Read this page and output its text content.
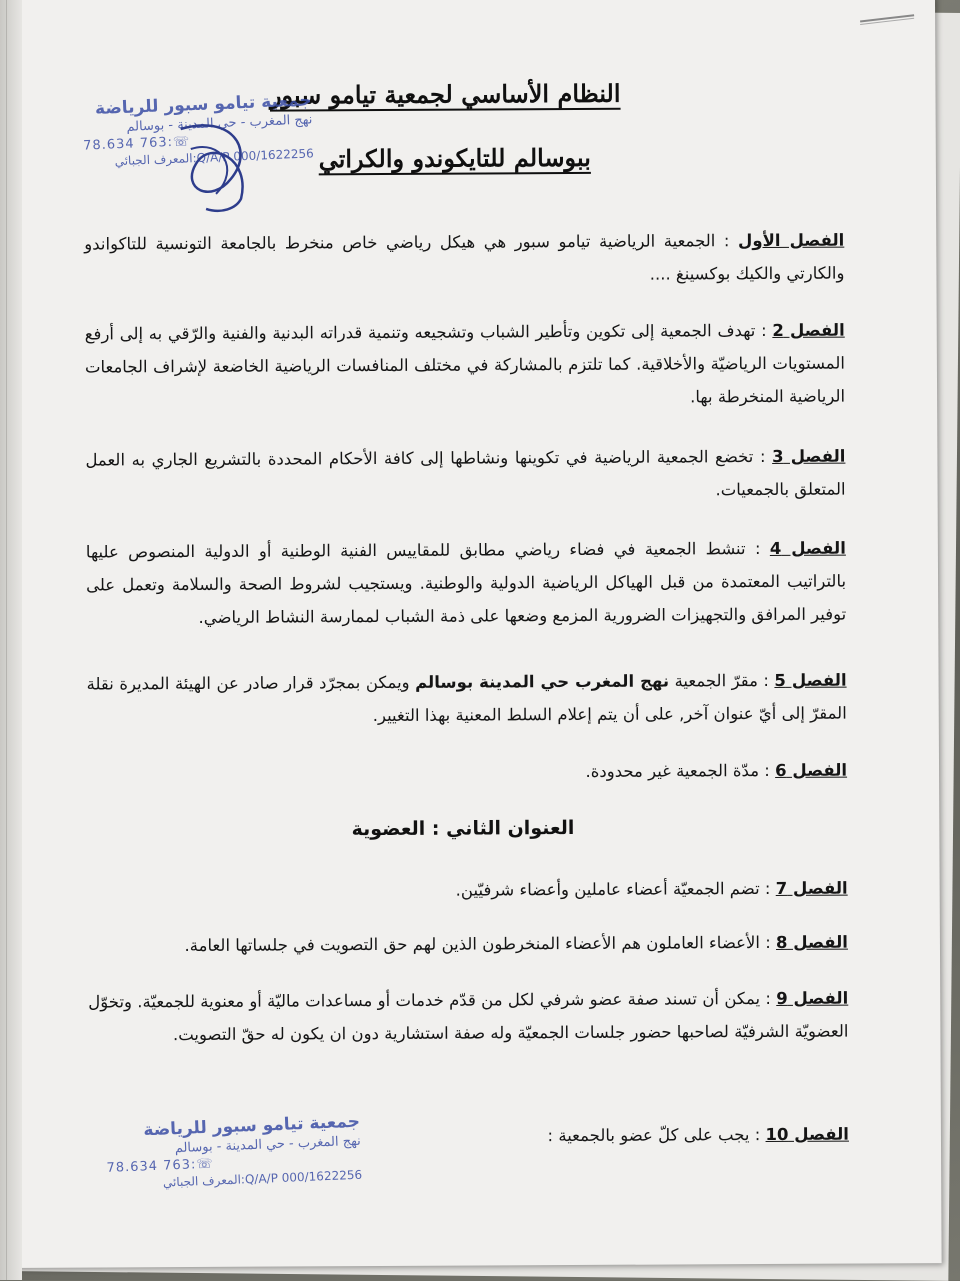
النظام الأساسي لجمعية تيامو سبور
ببوسالم للتايكوندو والكراتي
جمعية تيامو سبور للرياضة
نهج المغرب - حي المدينة - بوسالم
78.634 763:☏
1622256/Q/A/P 000:المعرف الجبائي
الفصل الأول : الجمعية الرياضية تيامو سبور هي هيكل رياضي خاص منخرط بالجامعة التونسية للتاكواندو والكارتي والكيك بوكسينغ ....
الفصل 2 : تهدف الجمعية إلى تكوين وتأطير الشباب وتشجيعه وتنمية قدراته البدنية والفنية والرّقي به إلى أرفع المستويات الرياضيّة والأخلاقية. كما تلتزم بالمشاركة في مختلف المنافسات الرياضية الخاضعة لإشراف الجامعات الرياضية المنخرطة بها.
الفصل 3 : تخضع الجمعية الرياضية في تكوينها ونشاطها إلى كافة الأحكام المحددة بالتشريع الجاري به العمل المتعلق بالجمعيات.
الفصل 4 : تنشط الجمعية في فضاء رياضي مطابق للمقاييس الفنية الوطنية أو الدولية المنصوص عليها بالتراتيب المعتمدة من قبل الهياكل الرياضية الدولية والوطنية. ويستجيب لشروط الصحة والسلامة وتعمل على توفير المرافق والتجهيزات الضرورية المزمع وضعها على ذمة الشباب لممارسة النشاط الرياضي.
الفصل 5 : مقرّ الجمعية نهج المغرب حي المدينة بوسالم ويمكن بمجرّد قرار صادر عن الهيئة المديرة نقلة المقرّ إلى أيّ عنوان آخر, على أن يتم إعلام السلط المعنية بهذا التغيير.
الفصل 6 : مدّة الجمعية غير محدودة.
العنوان الثاني : العضوية
الفصل 7 : تضم الجمعيّة أعضاء عاملين وأعضاء شرفيّين.
الفصل 8 : الأعضاء العاملون هم الأعضاء المنخرطون الذين لهم حق التصويت في جلساتها العامة.
الفصل 9 : يمكن أن تسند صفة عضو شرفي لكل من قدّم خدمات أو مساعدات ماليّة أو معنوية للجمعيّة. وتخوّل العضويّة الشرفيّة لصاحبها حضور جلسات الجمعيّة وله صفة استشارية دون ان يكون له حقّ التصويت.
الفصل 10 : يجب على كلّ عضو بالجمعية :
جمعية تيامو سبور للرياضة
نهج المغرب - حي المدينة - بوسالم
78.634 763:☏
1622256/Q/A/P 000:المعرف الجبائي
